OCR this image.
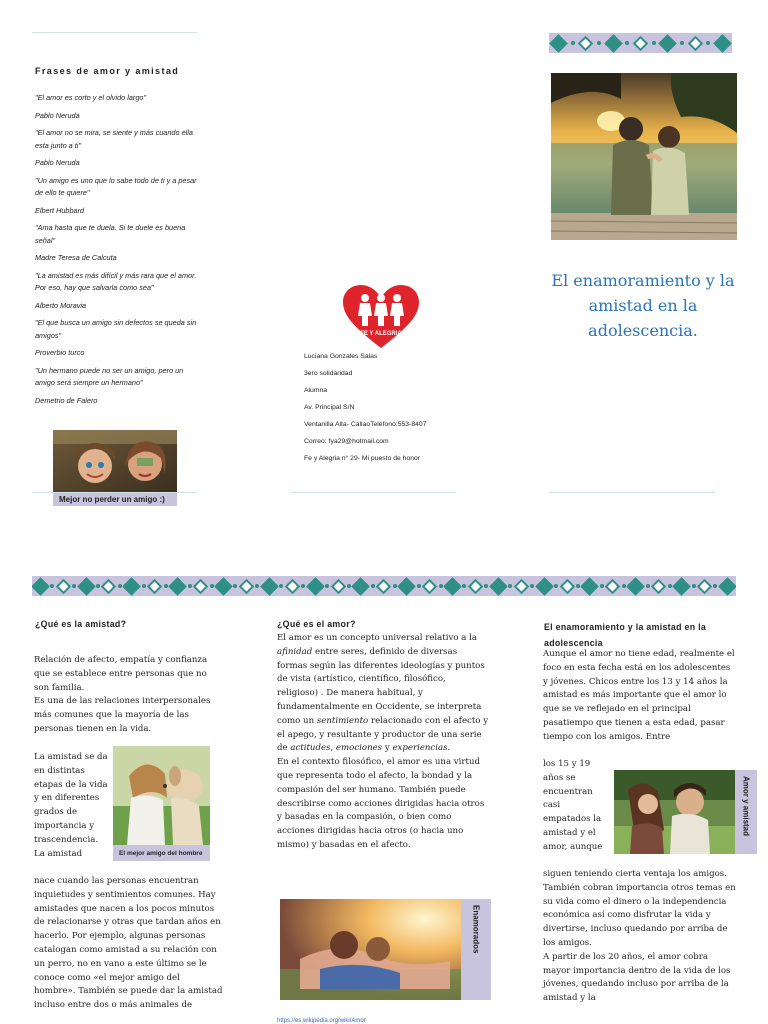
Frases de amor y amistad

"El amor es corto y el olvido largo"

Pablo Neruda

"El amor no se mira, se siente y más cuando ella esta junto a ti"

Pablo Neruda

"Un amigo es uno que lo sabe todo de ti y a pesar de ello te quiere"

Elbert Hubbard

"Ama hasta que te duela. Si te duele es buena señal"

Madre Teresa de Calcuta

"La amistad es más difícil y más rara que el amor. Por eso, hay que salvarla como sea"

Alberto Moravia

"El que busca un amigo sin defectos se queda sin amigos"

Proverbio turco

"Un hermano puede no ser un amigo, pero un amigo será siempre un hermano"

Demetrio de Falero

Mejor no perder un amigo :)
FE Y ALEGRIA
Luciana Gonzales Salas
3ero solidaridad
Alumna
Av. Principal S/N
Ventanilla Alta- CallaoTeléfono:553-8407
Correo: fya29@hotmail.com
Fe y Alegria n° 29- Mi puesto de honor
El enamoramiento y la amistad en la adolescencia.
¿Qué es la amistad?

Relación de afecto, empatía y confianza que se establece entre personas que no son familia.

Es una de las relaciones interpersonales más comunes que la mayoría de las personas tienen en la vida.

La amistad se da en distintas etapas de la vida y en diferentes grados de importancia y trascendencia.

La amistad	El mejor amigo del hombre

nace cuando las personas encuentran inquietudes y sentimientos comunes. Hay amistades que nacen a los pocos minutos de relacionarse y otras que tardan años en hacerlo. Por ejemplo, algunas personas catalogan como amistad a su relación con un perro, no en vano a este último se le conoce como «el mejor amigo del hombre». También se puede dar la amistad incluso entre dos o más animales de

¿Qué es el amor?

El amor es un concepto universal relativo a la afinidad entre seres, definido de diversas formas según las diferentes ideologías y puntos de vista (artístico, científico, filosófico, religioso) . De manera habitual, y fundamentalmente en Occidente, se interpreta como un sentimiento relacionado con el afecto y el apego, y resultante y productor de una serie de actitudes, emociones y experiencias.

En el contexto filosófico, el amor es una virtud que representa todo el afecto, la bondad y la compasión del ser humano. También puede describirse como acciones dirigidas hacia otros y basadas en la compasión, o bien como acciones dirigidas hacia otros (o hacia uno mismo) y basadas en el afecto.

Enamorados
https://es.wikipedia.org/wiki/Amor
El enamoramiento y la amistad en la adolescencia

Aunque el amor no tiene edad, realmente el foco en esta fecha está en los adolescentes y jóvenes. Chicos entre los 13 y 14 años la amistad es más importante que el amor lo que se ve reflejado en el principal pasatiempo que tienen a esta edad, pasar tiempo con los amigos. Entre

los 15 y 19 años se encuentran casi empatados la amistad y el amor, aunque

Amor y amistad

siguen teniendo cierta ventaja los amigos. También cobran importancia otros temas en su vida como el dinero o la independencia económica así como disfrutar la vida y divertirse, incluso quedando por arriba de los amigos.

A partir de los 20 años, el amor cobra mayor importancia dentro de la vida de los jóvenes, quedando incluso por arriba de la amistad y la
